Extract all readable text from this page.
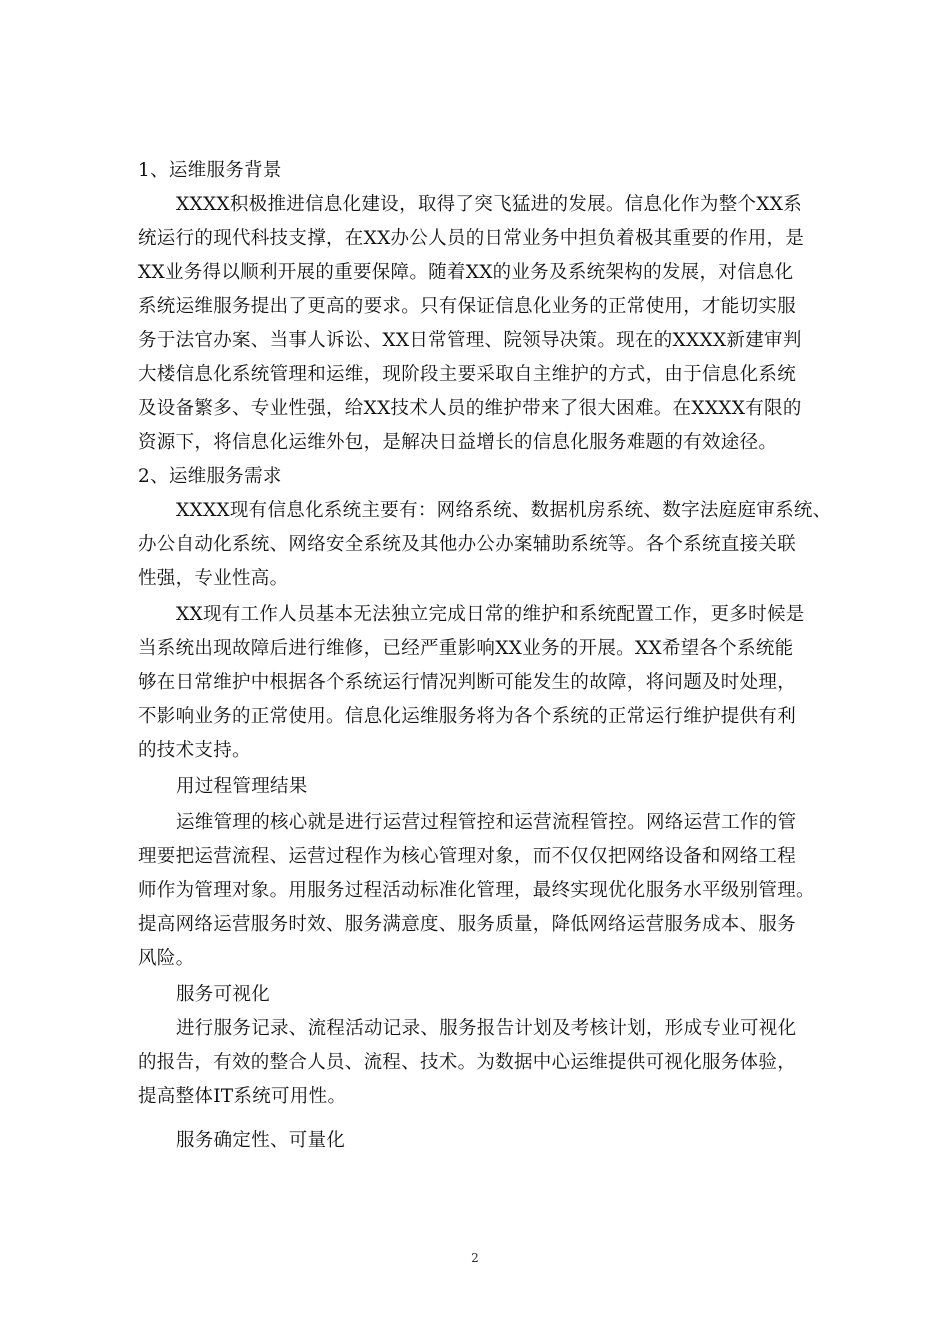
1、运维服务背景
XXXX积极推进信息化建设，取得了突飞猛进的发展。信息化作为整个XX系
统运行的现代科技支撑，在XX办公人员的日常业务中担负着极其重要的作用，是
XX业务得以顺利开展的重要保障。随着XX的业务及系统架构的发展，对信息化
系统运维服务提出了更高的要求。只有保证信息化业务的正常使用，才能切实服
务于法官办案、当事人诉讼、XX日常管理、院领导决策。现在的XXXX新建审判
大楼信息化系统管理和运维，现阶段主要采取自主维护的方式，由于信息化系统
及设备繁多、专业性强，给XX技术人员的维护带来了很大困难。在XXXX有限的
资源下，将信息化运维外包，是解决日益增长的信息化服务难题的有效途径。
2、运维服务需求
XXXX现有信息化系统主要有：网络系统、数据机房系统、数字法庭庭审系统、
办公自动化系统、网络安全系统及其他办公办案辅助系统等。各个系统直接关联
性强，专业性高。
XX现有工作人员基本无法独立完成日常的维护和系统配置工作，更多时候是
当系统出现故障后进行维修，已经严重影响XX业务的开展。XX希望各个系统能
够在日常维护中根据各个系统运行情况判断可能发生的故障，将问题及时处理，
不影响业务的正常使用。信息化运维服务将为各个系统的正常运行维护提供有利
的技术支持。
用过程管理结果
运维管理的核心就是进行运营过程管控和运营流程管控。网络运营工作的管
理要把运营流程、运营过程作为核心管理对象，而不仅仅把网络设备和网络工程
师作为管理对象。用服务过程活动标准化管理，最终实现优化服务水平级别管理。
提高网络运营服务时效、服务满意度、服务质量，降低网络运营服务成本、服务
风险。
服务可视化
进行服务记录、流程活动记录、服务报告计划及考核计划，形成专业可视化
的报告，有效的整合人员、流程、技术。为数据中心运维提供可视化服务体验，
提高整体IT系统可用性。
服务确定性、可量化
2
